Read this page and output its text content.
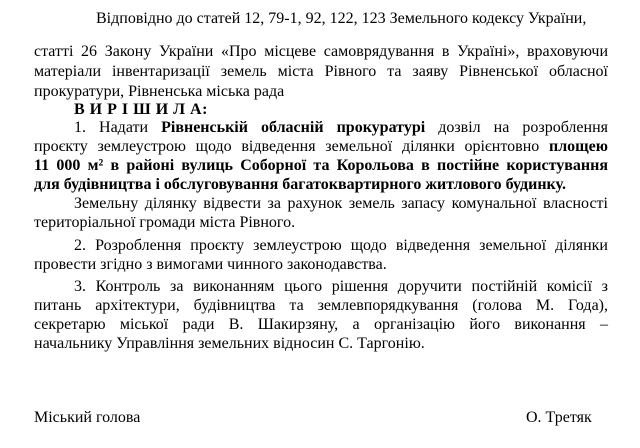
Відповідно до статей 12, 79-1, 92, 122, 123 Земельного кодексу України,
статті 26 Закону України «Про місцеве самоврядування в Україні», враховуючи
матеріали інвентаризації земель міста Рівного та заяву Рівненської обласної
прокуратури, Рівненська міська рада
В И Р І Ш И Л А:
1. Надати Рівненській обласній прокуратурі дозвіл на розроблення
проєкту землеустрою щодо відведення земельної ділянки орієнтовно площею
11 000 м² в районі вулиць Соборної та Корольова в постійне користування
для будівництва і обслуговування багатоквартирного житлового будинку.
Земельну ділянку відвести за рахунок земель запасу комунальної власності
територіальної громади міста Рівного.
2. Розроблення проєкту землеустрою щодо відведення земельної ділянки
провести згідно з вимогами чинного законодавства.
3. Контроль за виконанням цього рішення доручити постійній комісії з
питань архітектури, будівництва та землевпорядкування (голова М. Года),
секретарю міської ради В. Шакирзяну, а організацію його виконання –
начальнику Управління земельних відносин С. Таргонію.
Міський голова	О. Третяк
